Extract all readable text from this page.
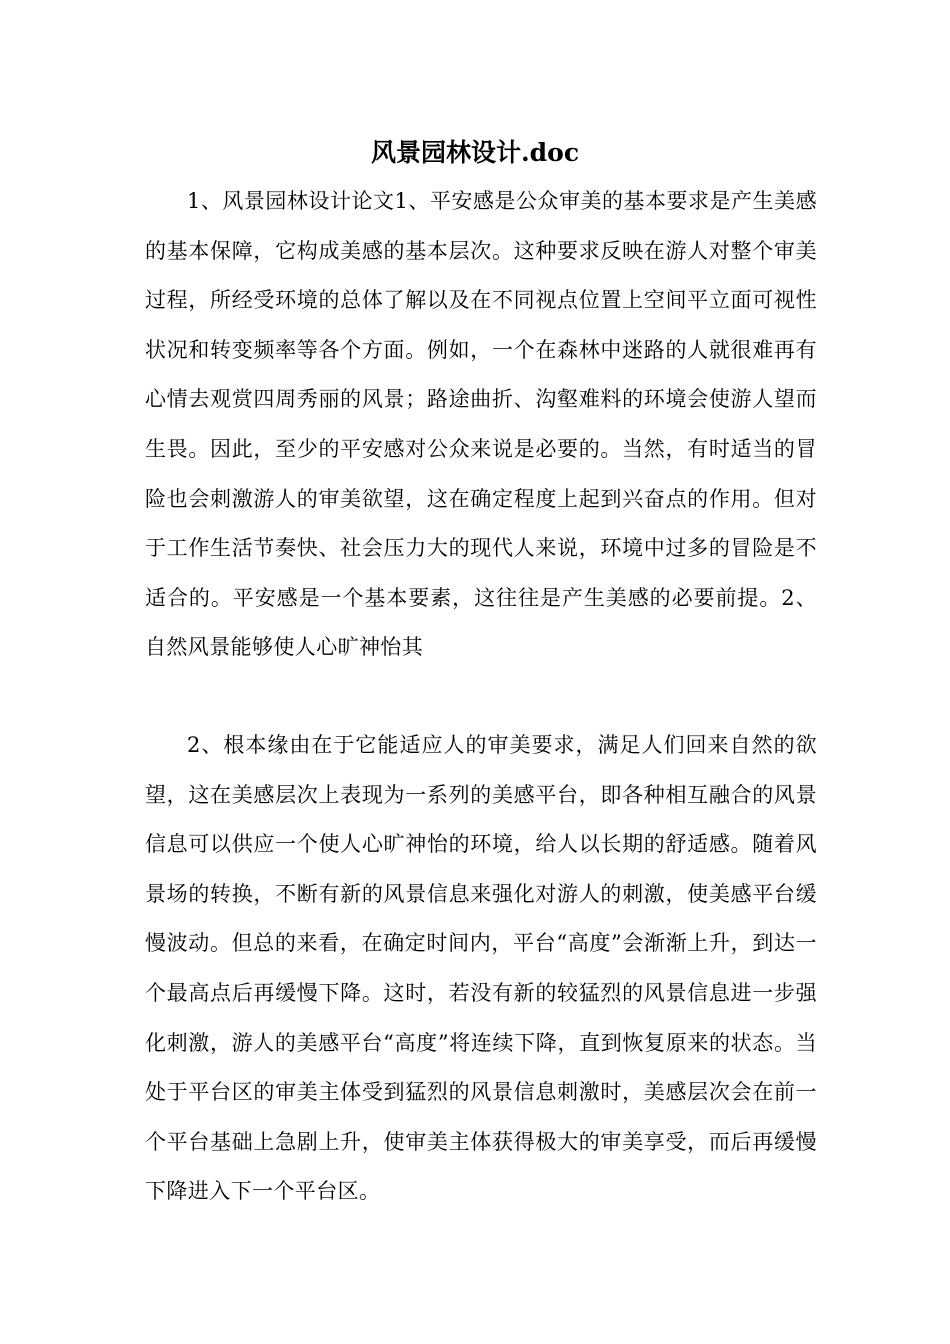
风景园林设计.doc

1、风景园林设计论文1、平安感是公众审美的基本要求是产生美感的基本保障，它构成美感的基本层次。这种要求反映在游人对整个审美过程，所经受环境的总体了解以及在不同视点位置上空间平立面可视性状况和转变频率等各个方面。例如，一个在森林中迷路的人就很难再有心情去观赏四周秀丽的风景；路途曲折、沟壑难料的环境会使游人望而生畏。因此，至少的平安感对公众来说是必要的。当然，有时适当的冒险也会刺激游人的审美欲望，这在确定程度上起到兴奋点的作用。但对于工作生活节奏快、社会压力大的现代人来说，环境中过多的冒险是不适合的。平安感是一个基本要素，这往往是产生美感的必要前提。2、自然风景能够使人心旷神怡其

2、根本缘由在于它能适应人的审美要求，满足人们回来自然的欲望，这在美感层次上表现为一系列的美感平台，即各种相互融合的风景信息可以供应一个使人心旷神怡的环境，给人以长期的舒适感。随着风景场的转换，不断有新的风景信息来强化对游人的刺激，使美感平台缓慢波动。但总的来看，在确定时间内，平台“高度”会渐渐上升，到达一个最高点后再缓慢下降。这时，若没有新的较猛烈的风景信息进一步强化刺激，游人的美感平台“高度”将连续下降，直到恢复原来的状态。当处于平台区的审美主体受到猛烈的风景信息刺激时，美感层次会在前一个平台基础上急剧上升，使审美主体获得极大的审美享受，而后再缓慢下降进入下一个平台区。
